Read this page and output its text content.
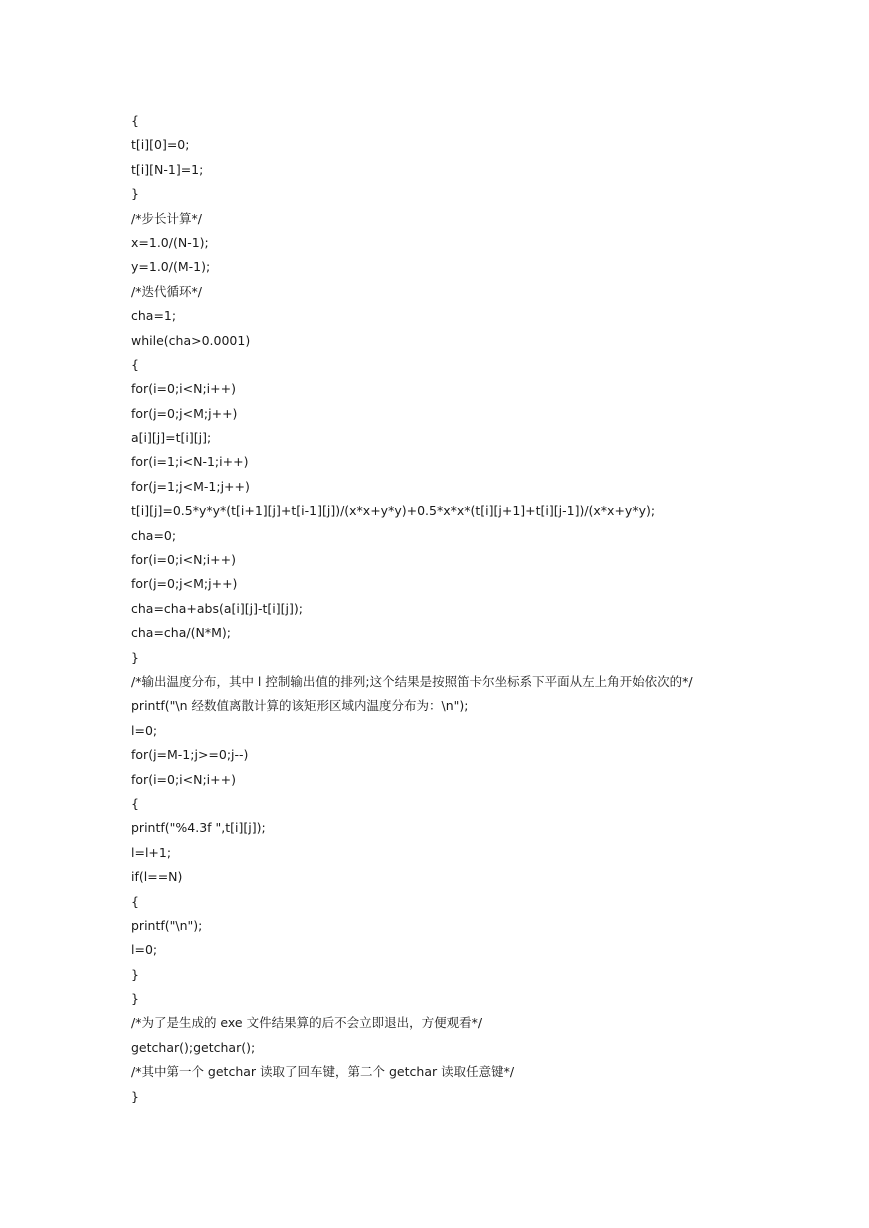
{
t[i][0]=0;
t[i][N-1]=1;
}
/*步长计算*/
x=1.0/(N-1);
y=1.0/(M-1);
/*迭代循环*/
cha=1;
while(cha>0.0001)
{
for(i=0;i<N;i++)
for(j=0;j<M;j++)
a[i][j]=t[i][j];
for(i=1;i<N-1;i++)
for(j=1;j<M-1;j++)
t[i][j]=0.5*y*y*(t[i+1][j]+t[i-1][j])/(x*x+y*y)+0.5*x*x*(t[i][j+1]+t[i][j-1])/(x*x+y*y);
cha=0;
for(i=0;i<N;i++)
for(j=0;j<M;j++)
cha=cha+abs(a[i][j]-t[i][j]);
cha=cha/(N*M);
}
/*输出温度分布，其中 l 控制输出值的排列;这个结果是按照笛卡尔坐标系下平面从左上角开始依次的*/
printf("\n 经数值离散计算的该矩形区域内温度分布为：\n");
l=0;
for(j=M-1;j>=0;j--)
for(i=0;i<N;i++)
{
printf("%4.3f ",t[i][j]);
l=l+1;
if(l==N)
{
printf("\n");
l=0;
}
}
/*为了是生成的 exe 文件结果算的后不会立即退出，方便观看*/
getchar();getchar();
/*其中第一个 getchar 读取了回车键，第二个 getchar 读取任意键*/
}
